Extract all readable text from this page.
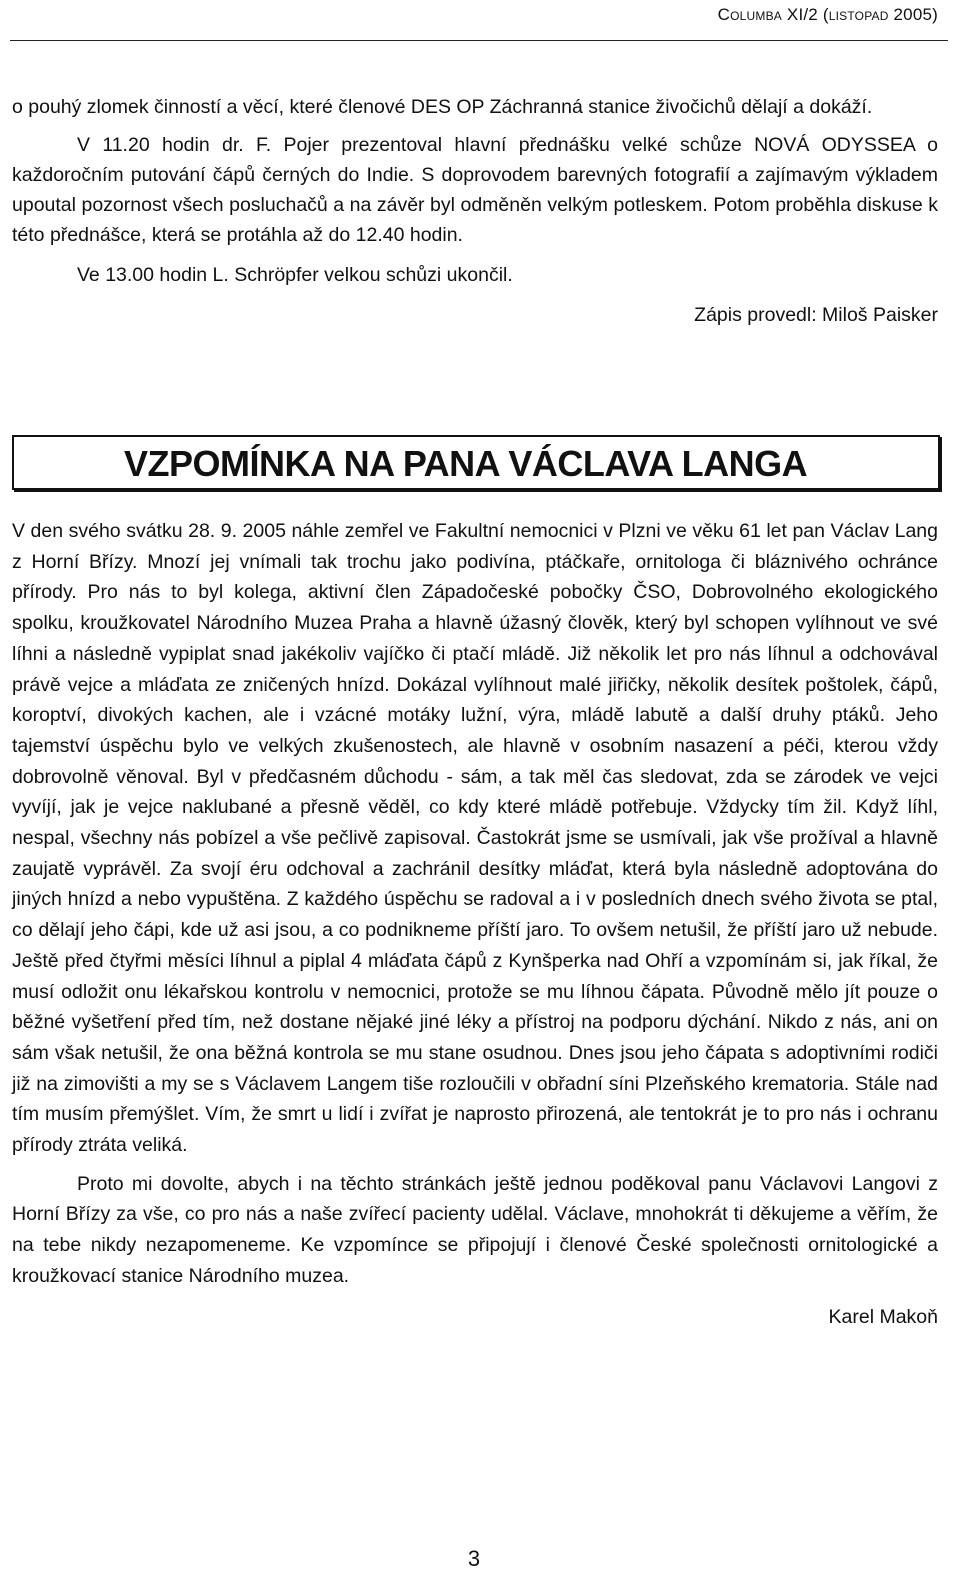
Columba XI/2 (listopad 2005)

o pouhý zlomek činností a věcí, které členové DES OP Záchranná stanice živočichů dělají a dokáží.

V 11.20 hodin dr. F. Pojer prezentoval hlavní přednášku velké schůze NOVÁ ODYSSEA o každoročním putování čápů černých do Indie. S doprovodem barevných fotografií a zajímavým výkladem upoutal pozornost všech posluchačů a na závěr byl odměněn velkým potleskem. Potom proběhla diskuse k této přednášce, která se protáhla až do 12.40 hodin.

Ve 13.00 hodin L. Schröpfer velkou schůzi ukončil.

Zápis provedl: Miloš Paisker

VZPOMÍNKA NA PANA VÁCLAVA LANGA

V den svého svátku 28. 9. 2005 náhle zemřel ve Fakultní nemocnici v Plzni ve věku 61 let pan Václav Lang z Horní Břízy. Mnozí jej vnímali tak trochu jako podivína, ptáčkaře, ornitologa či bláznivého ochránce přírody. Pro nás to byl kolega, aktivní člen Západočeské pobočky ČSO, Dobrovolného ekologického spolku, kroužkovatel Národního Muzea Praha a hlavně úžasný člověk, který byl schopen vylíhnout ve své líhni a následně vypiplat snad jakékoliv vajíčko či ptačí mládě. Již několik let pro nás líhnul a odchovával právě vejce a mláďata ze zničených hnízd. Dokázal vylíhnout malé jiřičky, několik desítek poštolek, čápů, koroptví, divokých kachen, ale i vzácné motáky lužní, výra, mládě labutě a další druhy ptáků. Jeho tajemství úspěchu bylo ve velkých zkušenostech, ale hlavně v osobním nasazení a péči, kterou vždy dobrovolně věnoval. Byl v předčasném důchodu - sám, a tak měl čas sledovat, zda se zárodek ve vejci vyvíjí, jak je vejce naklubané a přesně věděl, co kdy které mládě potřebuje. Vždycky tím žil. Když líhl, nespal, všechny nás pobízel a vše pečlivě zapisoval. Častokrát jsme se usmívali, jak vše prožíval a hlavně zaujatě vyprávěl. Za svojí éru odchoval a zachránil desítky mláďat, která byla následně adoptována do jiných hnízd a nebo vypuštěna. Z každého úspěchu se radoval a i v posledních dnech svého života se ptal, co dělají jeho čápi, kde už asi jsou, a co podnikneme příští jaro. To ovšem netušil, že příští jaro už nebude. Ještě před čtyřmi měsíci líhnul a piplal 4 mláďata čápů z Kynšperka nad Ohří a vzpomínám si, jak říkal, že musí odložit onu lékařskou kontrolu v nemocnici, protože se mu líhnou čápata. Původně mělo jít pouze o běžné vyšetření před tím, než dostane nějaké jiné léky a přístroj na podporu dýchání. Nikdo z nás, ani on sám však netušil, že ona běžná kontrola se mu stane osudnou. Dnes jsou jeho čápata s adoptivními rodiči již na zimovišti a my se s Václavem Langem tiše rozloučili v obřadní síni Plzeňského krematoria. Stále nad tím musím přemýšlet. Vím, že smrt u lidí i zvířat je naprosto přirozená, ale tentokrát je to pro nás i ochranu přírody ztráta veliká.

Proto mi dovolte, abych i na těchto stránkách ještě jednou poděkoval panu Václavovi Langovi z Horní Břízy za vše, co pro nás a naše zvířecí pacienty udělal. Václave, mnohokrát ti děkujeme a věřím, že na tebe nikdy nezapomeneme. Ke vzpomínce se připojují i členové České společnosti ornitologické a kroužkovací stanice Národního muzea.

Karel Makoň

3
